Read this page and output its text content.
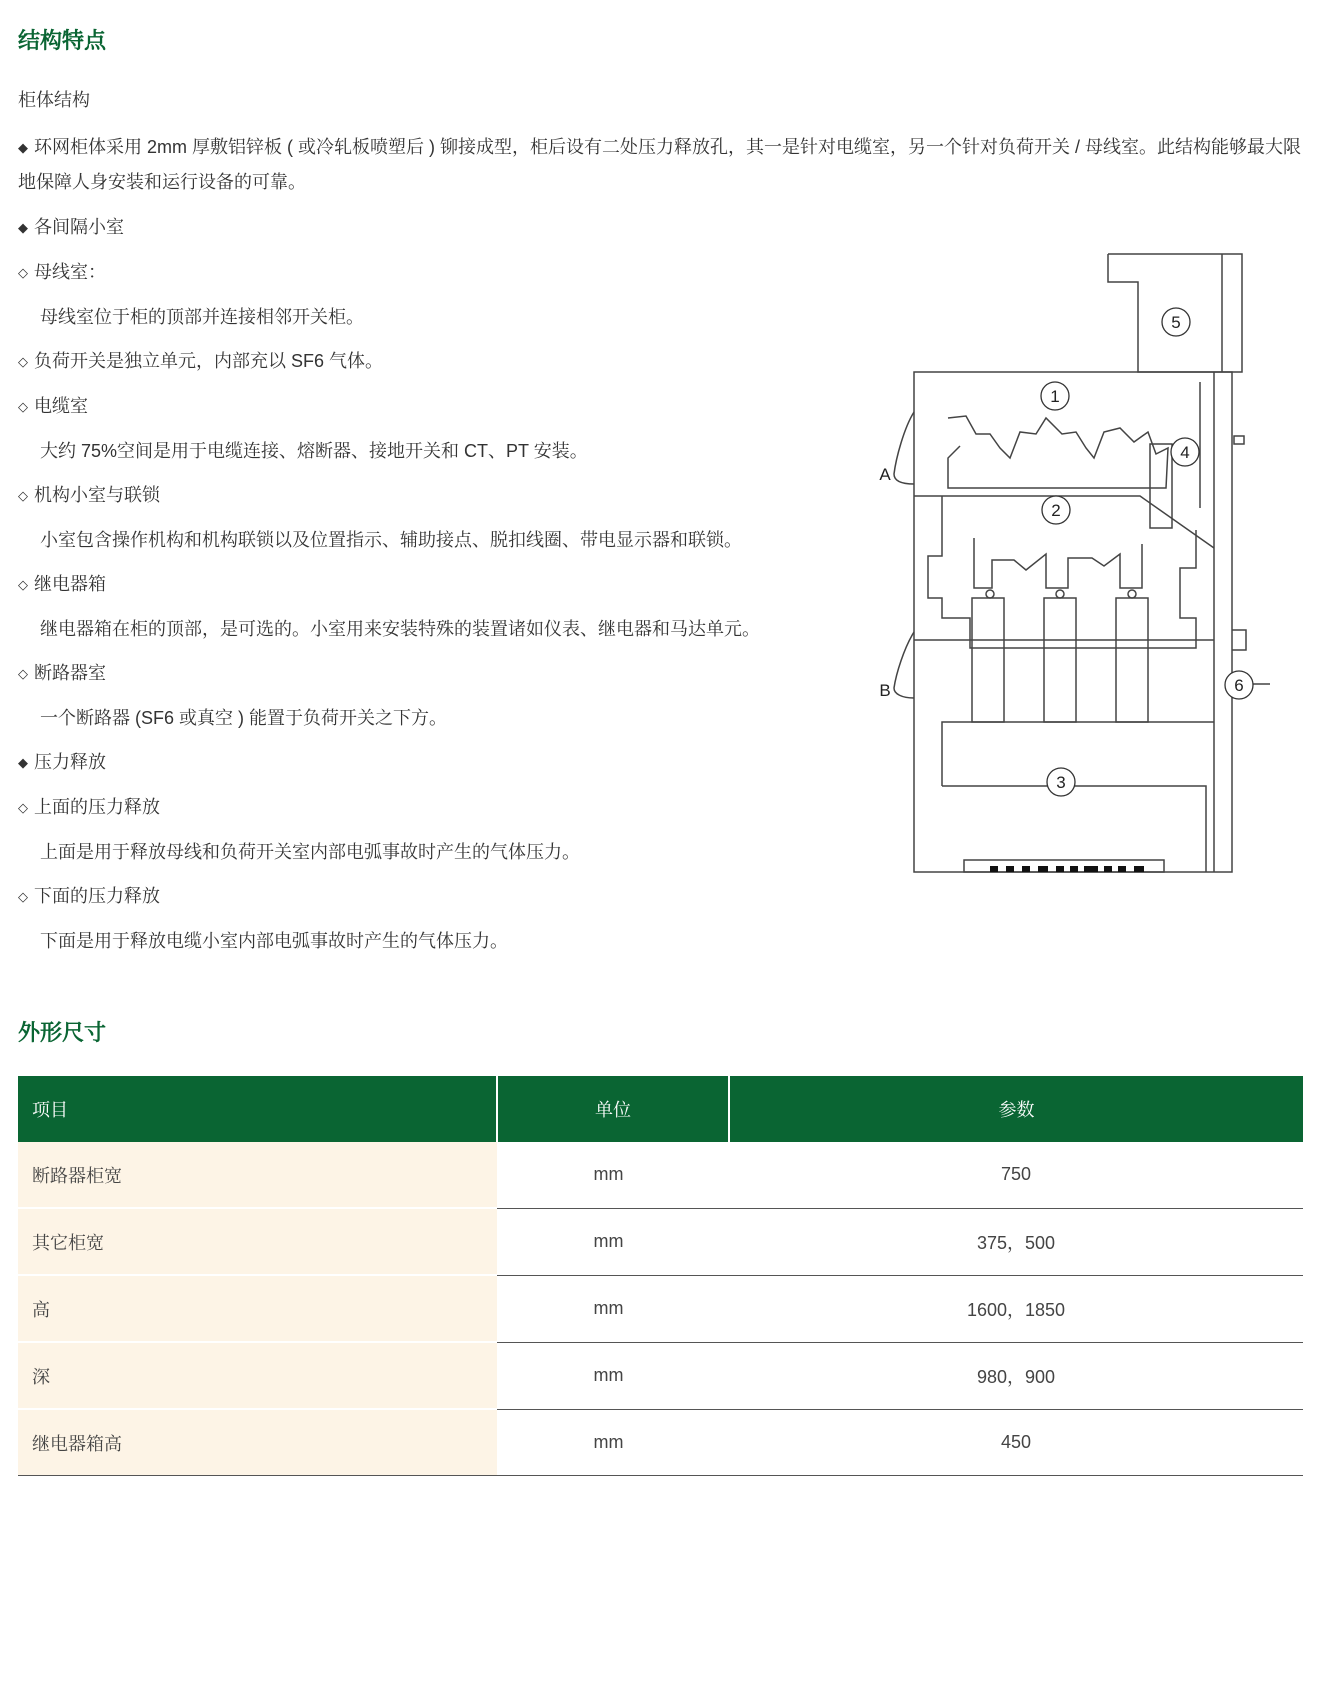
结构特点

柜体结构

◆ 环网柜体采用 2mm 厚敷铝锌板 ( 或冷轧板喷塑后 ) 铆接成型，柜后设有二处压力释放孔，其一是针对电缆室，另一个针对负荷开关 / 母线室。此结构能够最大限地保障人身安装和运行设备的可靠。

◆ 各间隔小室

◇ 母线室：

母线室位于柜的顶部并连接相邻开关柜。

◇ 负荷开关是独立单元，内部充以 SF6 气体。

◇ 电缆室

大约 75%空间是用于电缆连接、熔断器、接地开关和 CT、PT 安装。

◇ 机构小室与联锁

小室包含操作机构和机构联锁以及位置指示、辅助接点、脱扣线圈、带电显示器和联锁。

◇ 继电器箱

继电器箱在柜的顶部，是可选的。小室用来安装特殊的装置诸如仪表、继电器和马达单元。

◇ 断路器室

一个断路器 (SF6 或真空 ) 能置于负荷开关之下方。

◆ 压力释放

◇ 上面的压力释放

上面是用于释放母线和负荷开关室内部电弧事故时产生的气体压力。

◇ 下面的压力释放

下面是用于释放电缆小室内部电弧事故时产生的气体压力。

1
2
3
4
5
6
A
B
外形尺寸
项目	单位	参数
断路器柜宽	mm	750
其它柜宽	mm	375，500
高	mm	1600，1850
深	mm	980，900
继电器箱高	mm	450
